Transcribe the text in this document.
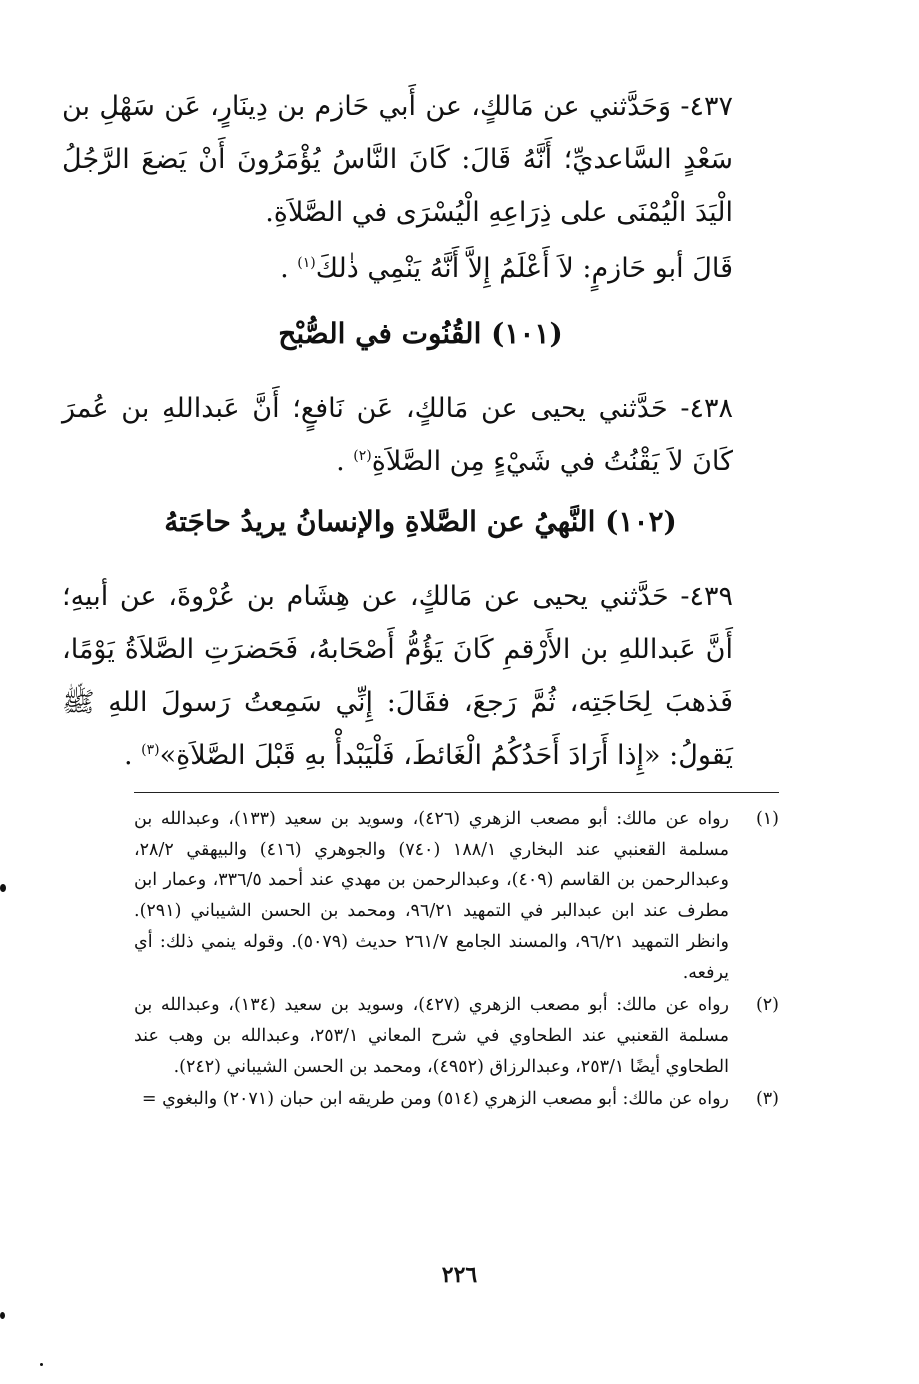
٤٣٧- وَحَدَّثني عن مَالكٍ، عن أَبي حَازم بن دِينَارٍ، عَن سَهْلِ بن سَعْدٍ السَّاعديِّ؛ أَنَّهُ قَالَ: كَانَ النَّاسُ يُؤْمَرُونَ أَنْ يَضعَ الرَّجُلُ الْيَدَ الْيُمْنَى على ذِرَاعِهِ الْيُسْرَى في الصَّلاَةِ.

قَالَ أبو حَازمٍ: لاَ أَعْلَمُ إِلاَّ أَنَّهُ يَنْمِي ذٰلكَ$^{(١)}$ .

(١٠١) القُنُوت في الصُّبْح

٤٣٨- حَدَّثني يحيى عن مَالكٍ، عَن نَافعٍ؛ أَنَّ عَبداللهِ بن عُمرَ كَانَ لاَ يَقْنُتُ في شَيْءٍ مِن الصَّلاَةِ$^{(٢)}$ .

(١٠٢) النَّهيُ عن الصَّلاةِ والإنسانُ يريدُ حاجَتهُ

٤٣٩- حَدَّثني يحيى عن مَالكٍ، عن هِشَام بن عُرْوةَ، عن أبيهِ؛ أَنَّ عَبداللهِ بن الأَرْقمِ كَانَ يَؤُمُّ أَصْحَابهُ، فَحَضرَتِ الصَّلاَةُ يَوْمًا، فَذهبَ لِحَاجَتِه، ثُمَّ رَجعَ، فقَالَ: إِنِّي سَمِعتُ رَسولَ اللهِ ﷺ يَقولُ: «إِذا أَرَادَ أَحَدُكُمُ الْغَائطَ، فَلْيَبْدأْ بهِ قَبْلَ الصَّلاَةِ»$^{(٣)}$ .

(١)
رواه عن مالك: أبو مصعب الزهري (٤٢٦)، وسويد بن سعيد (١٣٣)، وعبدالله بن مسلمة القعنبي عند البخاري ١٨٨/١ (٧٤٠) والجوهري (٤١٦) والبيهقي ٢٨/٢، وعبدالرحمن بن القاسم (٤٠٩)، وعبدالرحمن بن مهدي عند أحمد ٣٣٦/٥، وعمار ابن مطرف عند ابن عبدالبر في التمهيد ٩٦/٢١، ومحمد بن الحسن الشيباني (٢٩١). وانظر التمهيد ٩٦/٢١، والمسند الجامع ٢٦١/٧ حديث (٥٠٧٩). وقوله ينمي ذلك: أي يرفعه.

(٢)
رواه عن مالك: أبو مصعب الزهري (٤٢٧)، وسويد بن سعيد (١٣٤)، وعبدالله بن مسلمة القعنبي عند الطحاوي في شرح المعاني ٢٥٣/١، وعبدالله بن وهب عند الطحاوي أيضًا ٢٥٣/١، وعبدالرزاق (٤٩٥٢)، ومحمد بن الحسن الشيباني (٢٤٢).

(٣)
رواه عن مالك: أبو مصعب الزهري (٥١٤) ومن طريقه ابن حبان (٢٠٧١) والبغوي =

٢٢٦
